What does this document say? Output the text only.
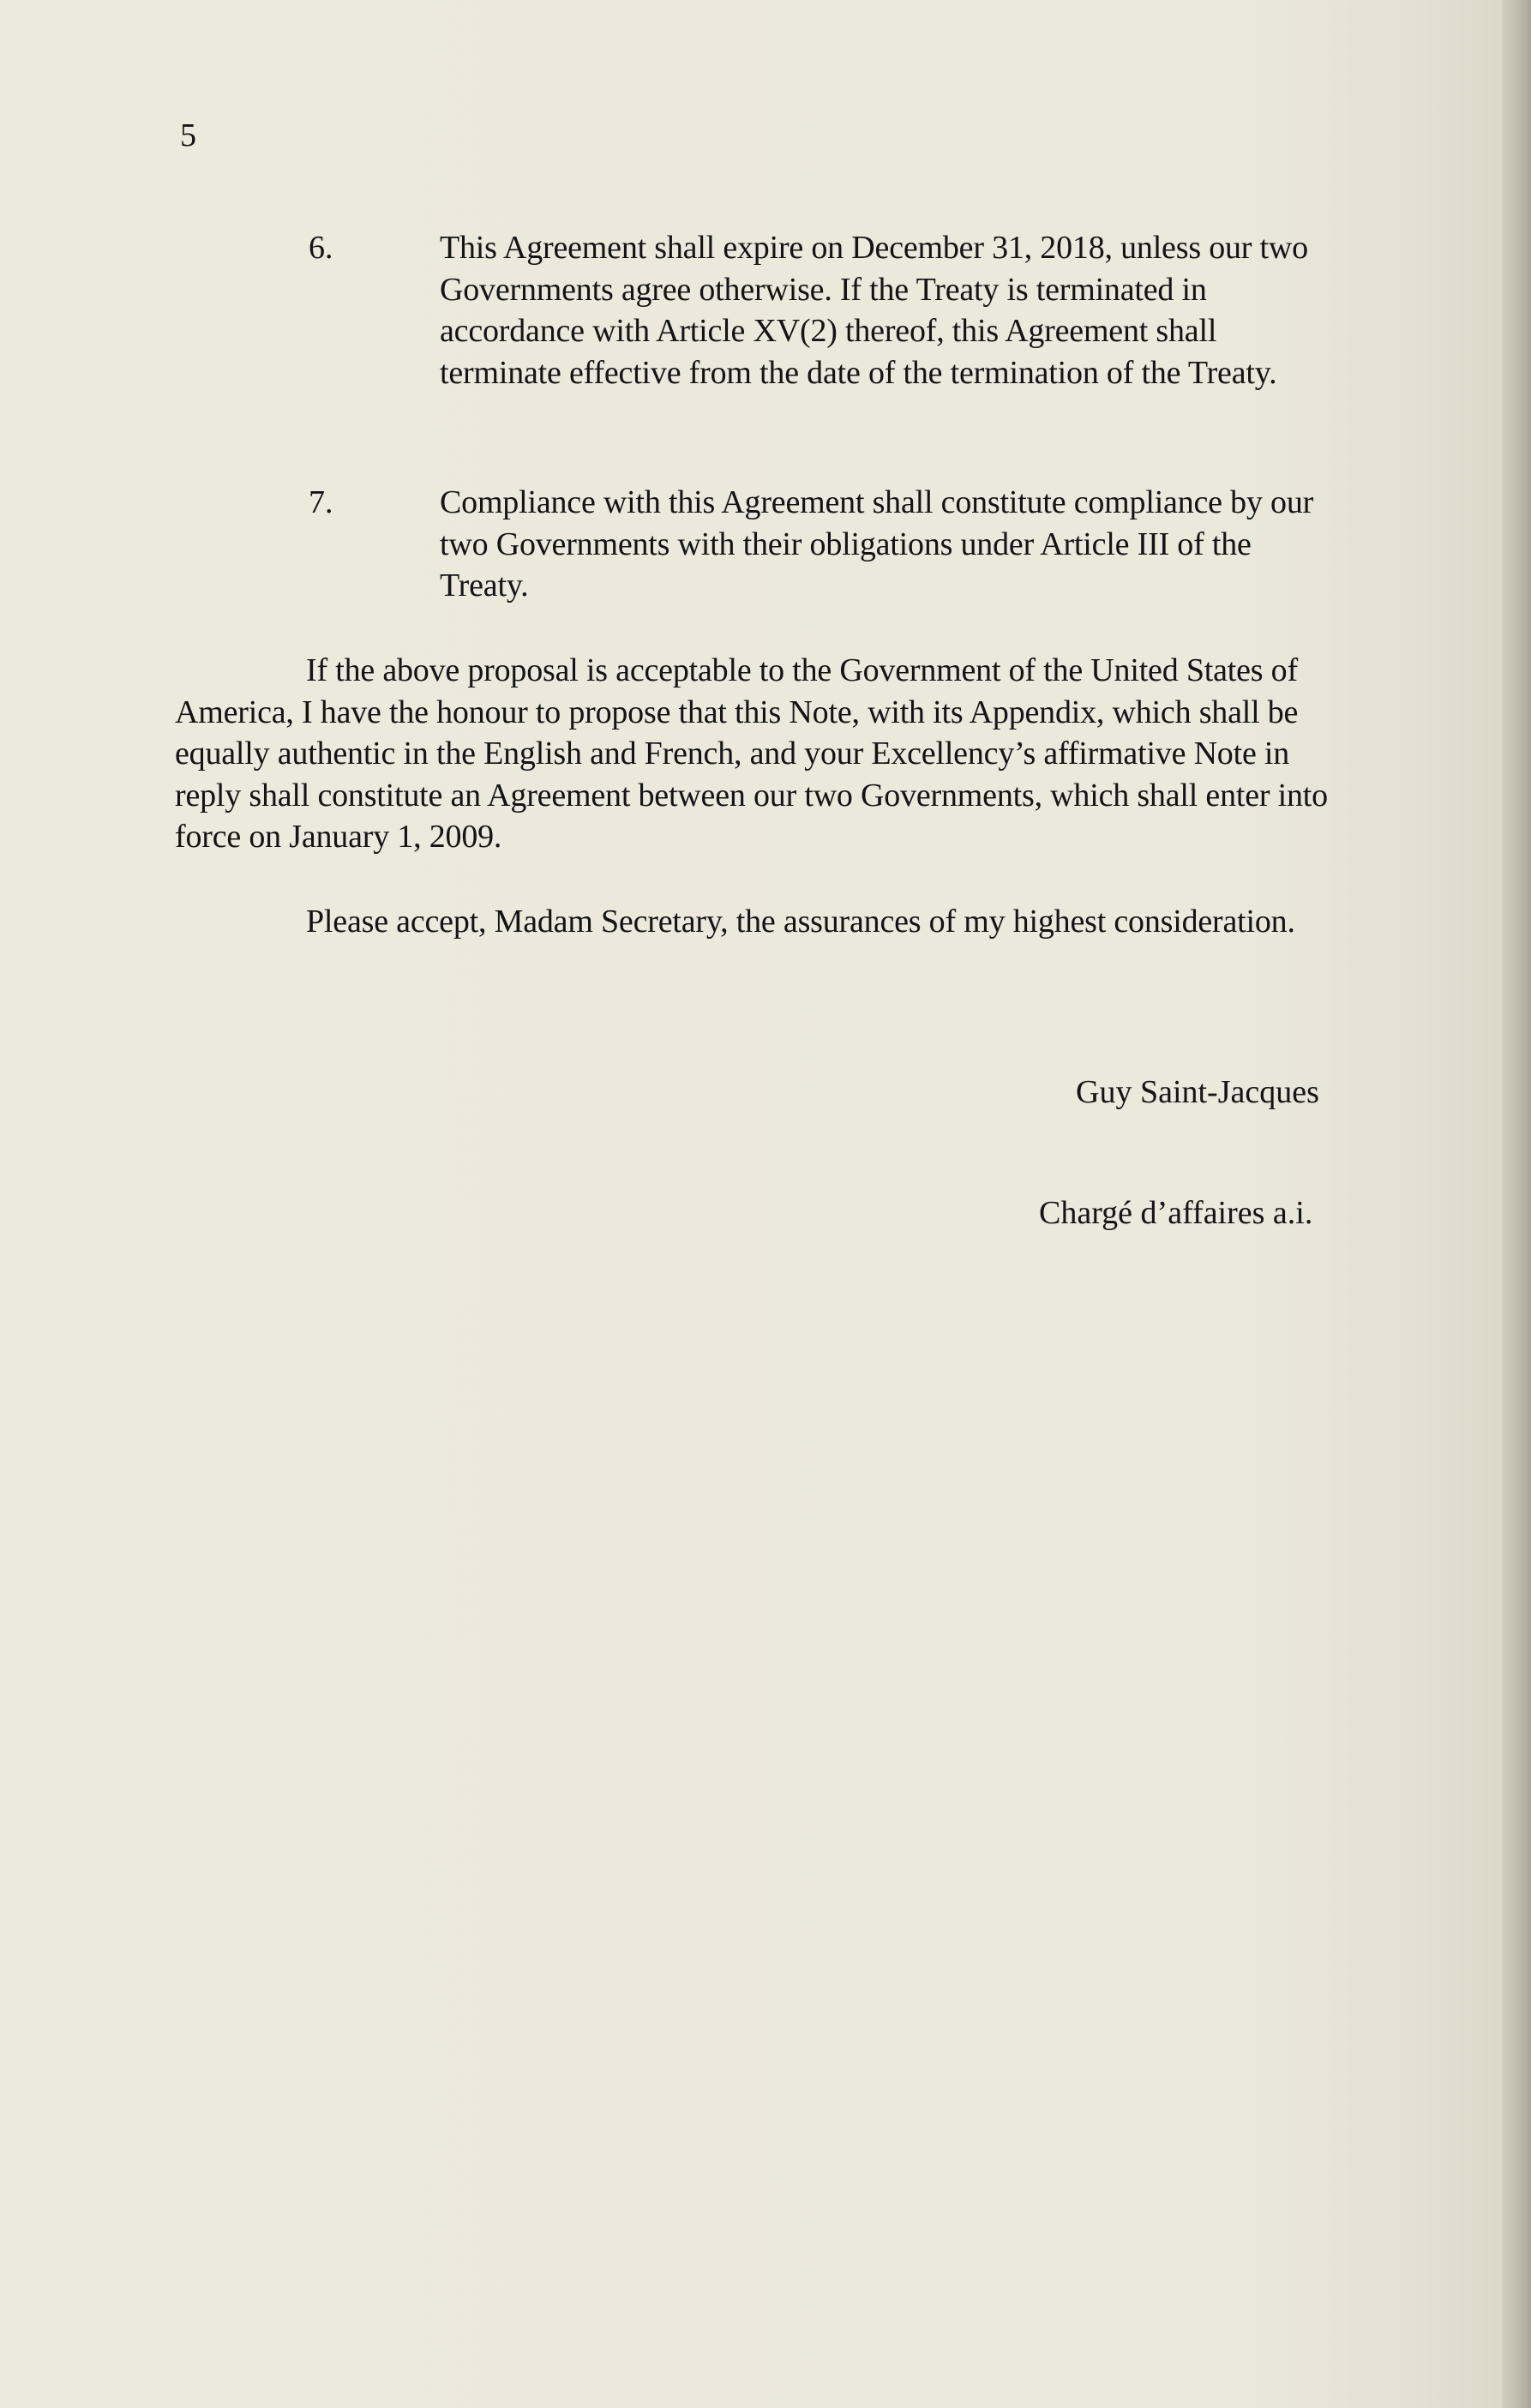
5
6.	This Agreement shall expire on December 31, 2018, unless our two Governments agree otherwise. If the Treaty is terminated in accordance with Article XV(2) thereof, this Agreement shall terminate effective from the date of the termination of the Treaty.
7.	Compliance with this Agreement shall constitute compliance by our two Governments with their obligations under Article III of the Treaty.
If the above proposal is acceptable to the Government of the United States of America, I have the honour to propose that this Note, with its Appendix, which shall be equally authentic in the English and French, and your Excellency’s affirmative Note in reply shall constitute an Agreement between our two Governments, which shall enter into force on January 1, 2009.
Please accept, Madam Secretary, the assurances of my highest consideration.
Guy Saint-Jacques
Chargé d’affaires a.i.
